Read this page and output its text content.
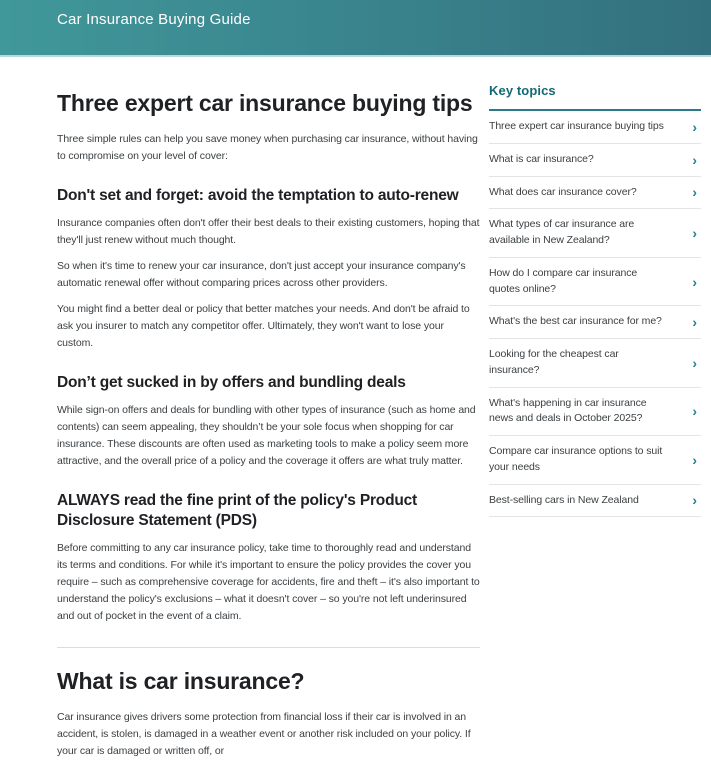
Car Insurance Buying Guide
Three expert car insurance buying tips

Three simple rules can help you save money when purchasing car insurance, without having to compromise on your level of cover:

Don't set and forget: avoid the temptation to auto-renew

Insurance companies often don't offer their best deals to their existing customers, hoping that they'll just renew without much thought.

So when it's time to renew your car insurance, don't just accept your insurance company's automatic renewal offer without comparing prices across other providers.

You might find a better deal or policy that better matches your needs. And don't be afraid to ask you insurer to match any competitor offer. Ultimately, they won't want to lose your custom.

Don’t get sucked in by offers and bundling deals

While sign-on offers and deals for bundling with other types of insurance (such as home and contents) can seem appealing, they shouldn’t be your sole focus when shopping for car insurance. These discounts are often used as marketing tools to make a policy seem more attractive, and the overall price of a policy and the coverage it offers are what truly matter.

ALWAYS read the fine print of the policy's Product Disclosure Statement (PDS)

Before committing to any car insurance policy, take time to thoroughly read and understand its terms and conditions. For while it's important to ensure the policy provides the cover you require – such as comprehensive coverage for accidents, fire and theft – it's also important to understand the policy's exclusions – what it doesn't cover – so you're not left underinsured and out of pocket in the event of a claim.

What is car insurance?

Car insurance gives drivers some protection from financial loss if their car is involved in an accident, is stolen, is damaged in a weather event or another risk included on your policy. If your car is damaged or written off, or

Key topics
Three expert car insurance buying tips	›
What is car insurance?	›
What does car insurance cover?	›
What types of car insurance are available in New Zealand?	›
How do I compare car insurance quotes online?	›
What's the best car insurance for me?	›
Looking for the cheapest car insurance?	›
What's happening in car insurance news and deals in October 2025?	›
Compare car insurance options to suit your needs	›
Best-selling cars in New Zealand	›
